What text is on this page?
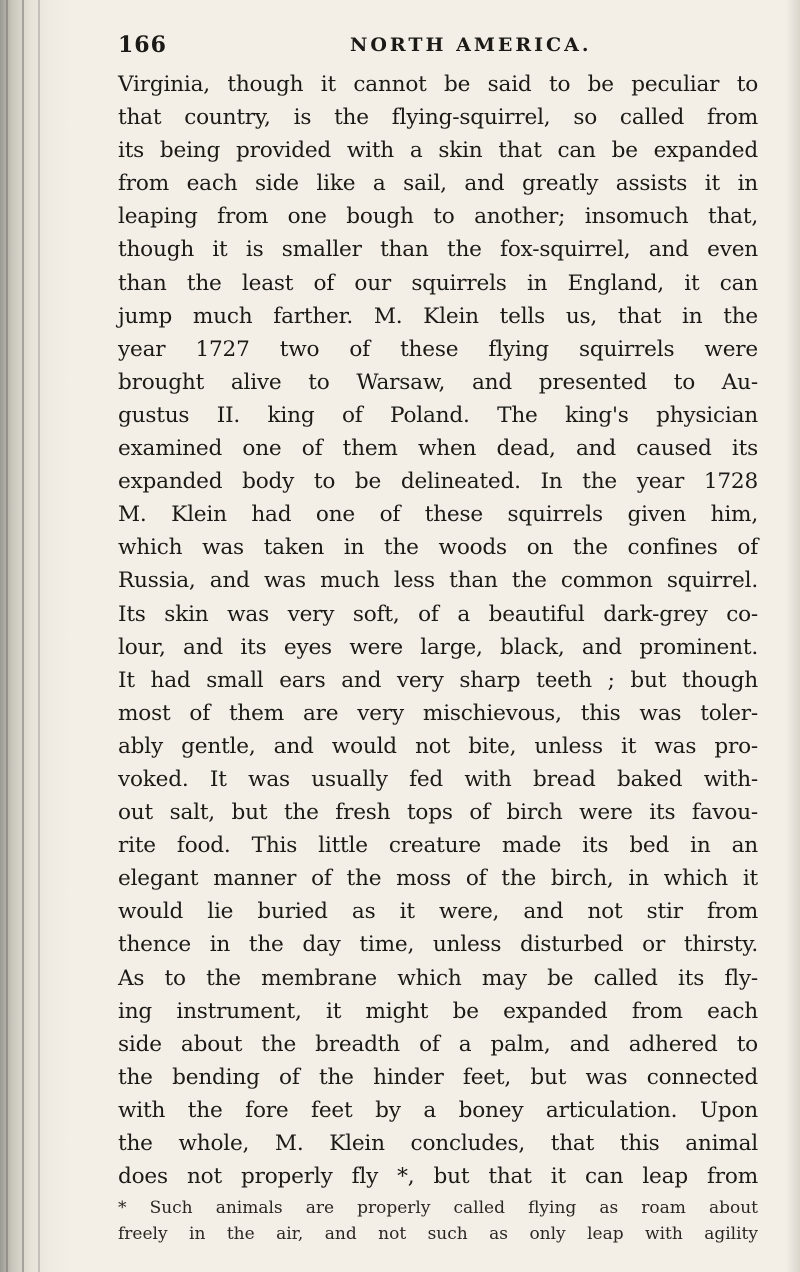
166	NORTH AMERICA.
Virginia, though it cannot be said to be peculiar to
that country, is the flying-squirrel, so called from
its being provided with a skin that can be expanded
from each side like a sail, and greatly assists it in
leaping from one bough to another; insomuch that,
though it is smaller than the fox-squirrel, and even
than the least of our squirrels in England, it can
jump much farther. M. Klein tells us, that in the
year 1727 two of these flying squirrels were
brought alive to Warsaw, and presented to Au-
gustus II. king of Poland. The king's physician
examined one of them when dead, and caused its
expanded body to be delineated. In the year 1728
M. Klein had one of these squirrels given him,
which was taken in the woods on the confines of
Russia, and was much less than the common squirrel.
Its skin was very soft, of a beautiful dark-grey co-
lour, and its eyes were large, black, and prominent.
It had small ears and very sharp teeth ; but though
most of them are very mischievous, this was toler-
ably gentle, and would not bite, unless it was pro-
voked. It was usually fed with bread baked with-
out salt, but the fresh tops of birch were its favou-
rite food. This little creature made its bed in an
elegant manner of the moss of the birch, in which it
would lie buried as it were, and not stir from
thence in the day time, unless disturbed or thirsty.
As to the membrane which may be called its fly-
ing instrument, it might be expanded from each
side about the breadth of a palm, and adhered to
the bending of the hinder feet, but was connected
with the fore feet by a boney articulation. Upon
the whole, M. Klein concludes, that this animal
does not properly fly *, but that it can leap from
* Such animals are properly called flying as roam about
freely in the air, and not such as only leap with agility
